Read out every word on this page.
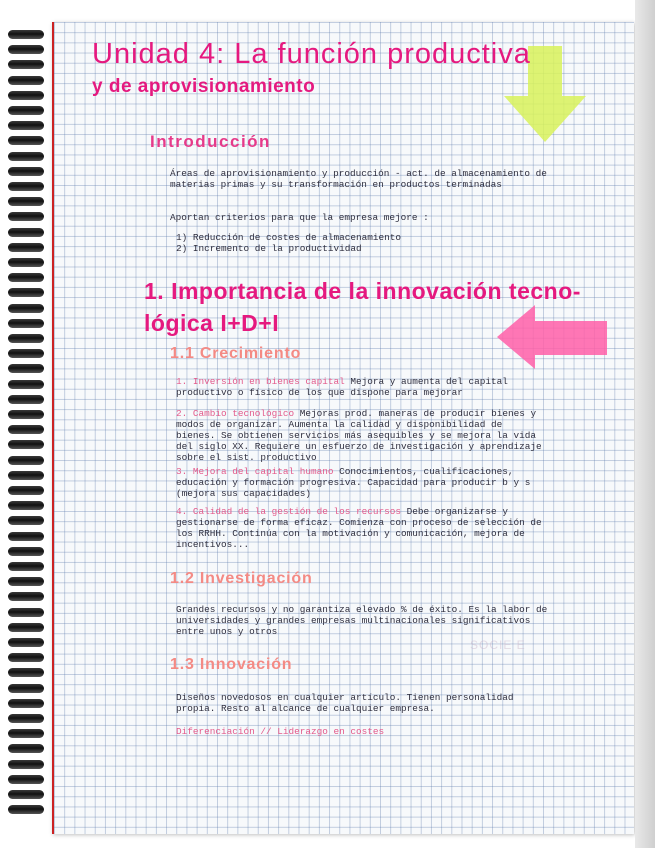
Unidad 4: La función productiva
y de aprovisionamiento
Introducción

Áreas de aprovisionamiento y producción - act. de almacenamiento de materias primas y su transformación en productos terminadas

Aportan criterios para que la empresa mejore :

1) Reducción de costes de almacenamiento

2) Incremento de la productividad

1. Importancia de la innovación tecno-
lógica I+D+I
1.1 Crecimiento

1. Inversión en bienes capital Mejora y aumenta del capital productivo o físico de los que dispone para mejorar

2. Cambio tecnológico Mejoras prod. maneras de producir bienes y modos de organizar. Aumenta la calidad y disponibilidad de bienes. Se obtienen servicios más asequibles y se mejora la vida del siglo XX. Requiere un esfuerzo de investigación y aprendizaje sobre el sist. productivo

3. Mejora del capital humano Conocimientos, cualificaciones, educación y formación progresiva. Capacidad para producir b y s (mejora sus capacidades)

4. Calidad de la gestión de los recursos Debe organizarse y gestionarse de forma eficaz. Comienza con proceso de selección de los RRHH. Continúa con la motivación y comunicación, mejora de incentivos...

1.2 Investigación

Grandes recursos y no garantiza elevado % de éxito. Es la labor de universidades y grandes empresas multinacionales significativos entre unos y otros

SOCIE E
1.3 Innovación

Diseños novedosos en cualquier artículo. Tienen personalidad propia. Resto al alcance de cualquier empresa.

Diferenciación // Liderazgo en costes
